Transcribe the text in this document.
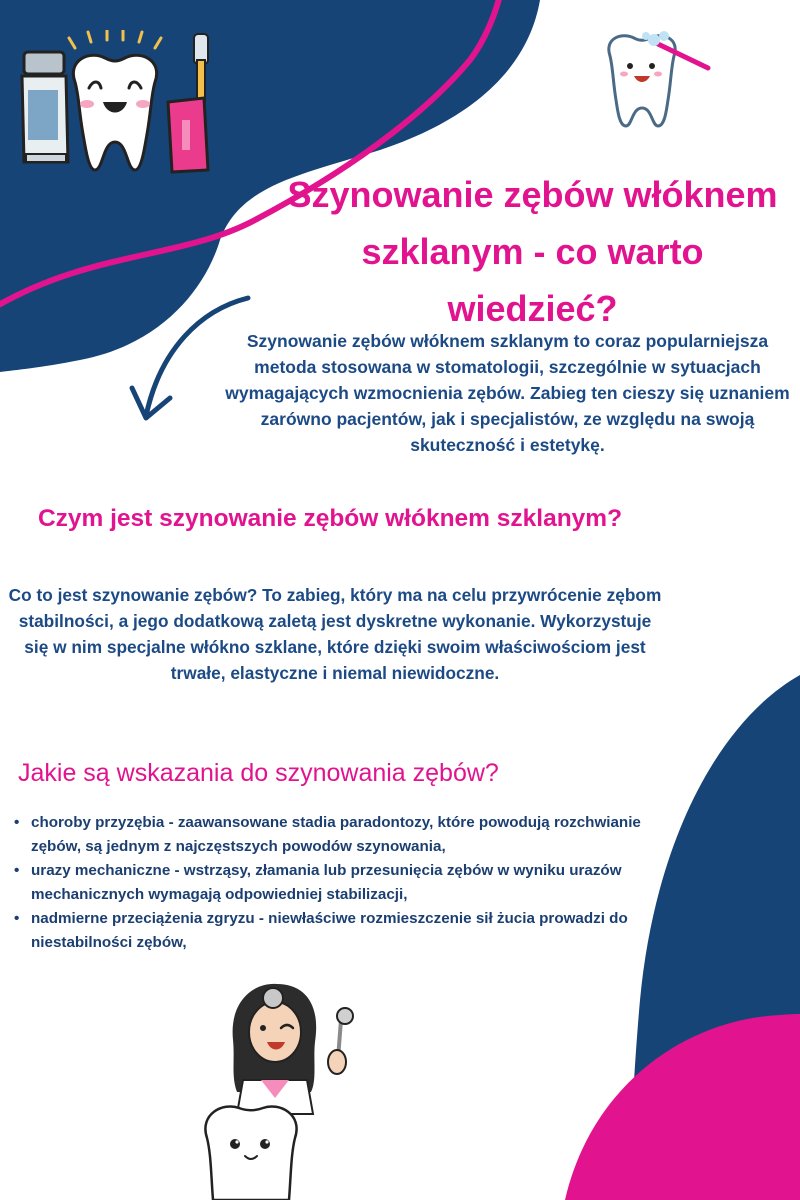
Szynowanie zębów włóknem szklanym - co warto wiedzieć?

Szynowanie zębów włóknem szklanym to coraz popularniejsza metoda stosowana w stomatologii, szczególnie w sytuacjach wymagających wzmocnienia zębów. Zabieg ten cieszy się uznaniem zarówno pacjentów, jak i specjalistów, ze względu na swoją skuteczność i estetykę.

Czym jest szynowanie zębów włóknem szklanym?

Co to jest szynowanie zębów? To zabieg, który ma na celu przywrócenie zębom stabilności, a jego dodatkową zaletą jest dyskretne wykonanie. Wykorzystuje się w nim specjalne włókno szklane, które dzięki swoim właściwościom jest trwałe, elastyczne i niemal niewidoczne.

Jakie są wskazania do szynowania zębów?
• choroby przyzębia - zaawansowane stadia paradontozy, które powodują rozchwianie zębów, są jednym z najczęstszych powodów szynowania,
• urazy mechaniczne - wstrząsy, złamania lub przesunięcia zębów w wyniku urazów mechanicznych wymagają odpowiedniej stabilizacji,
• nadmierne przeciążenia zgryzu - niewłaściwe rozmieszczenie sił żucia prowadzi do niestabilności zębów,
